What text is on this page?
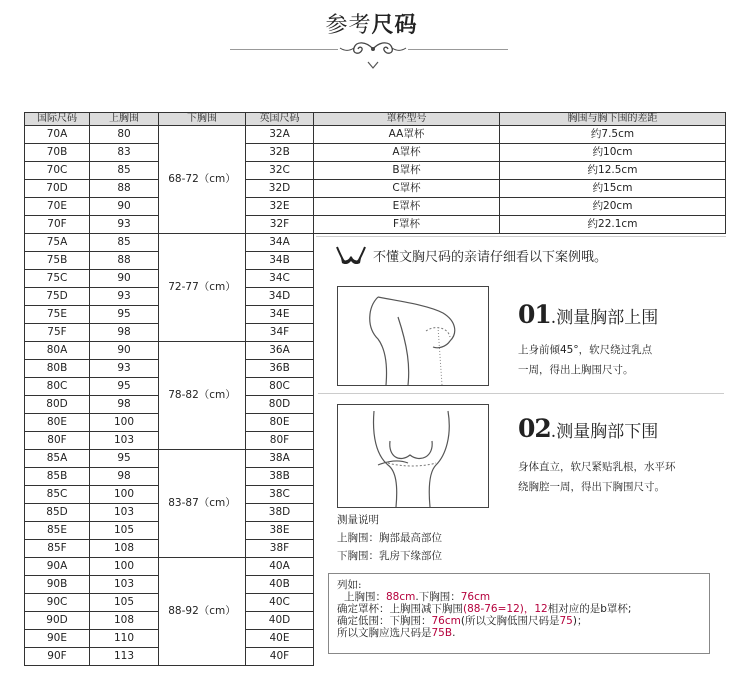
参考尺码
国际尺码	上胸围	下胸围	英国尺码	罩杯型号	胸围与胸下围的差距
70A	80	68-72（cm）	32A	AA罩杯	约7.5cm
70B	83		32B	A罩杯	约10cm
70C	85		32C	B罩杯	约12.5cm
70D	88		32D	C罩杯	约15cm
70E	90		32E	E罩杯	约20cm
70F	93		32F	F罩杯	约22.1cm
75A	85	72-77（cm）	34A		
75B	88		34B		
75C	90		34C		
75D	93		34D		
75E	95		34E		
75F	98		34F		
80A	90	78-82（cm）	36A		
80B	93		36B		
80C	95		80C		
80D	98		80D		
80E	100		80E		
80F	103		80F		
85A	95	83-87（cm）	38A		
85B	98		38B		
85C	100		38C		
85D	103		38D		
85E	105		38E		
85F	108		38F		
90A	100	88-92（cm）	40A		
90B	103		40B		
90C	105		40C		
90D	108		40D		
90E	110		40E		
90F	113		40F		
不懂文胸尺码的亲请仔细看以下案例哦。
01.测量胸部上围
上身前倾45°，软尺绕过乳点
一周，得出上胸围尺寸。
02.测量胸部下围
身体直立，软尺紧贴乳根，水平环
绕胸腔一周，得出下胸围尺寸。
测量说明
上胸围：胸部最高部位
下胸围：乳房下缘部位
列如:
上胸围：88cm.下胸围：76cm
确定罩杯：上胸围减下胸围(88-76=12)，12相对应的是b罩杯;
确定低围：下胸围：76cm(所以文胸低围尺码是75)；
所以文胸应选尺码是75B.
